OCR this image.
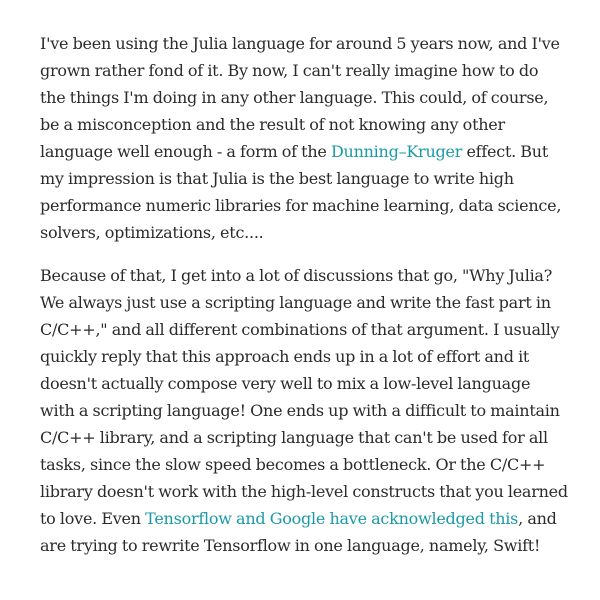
I've been using the Julia language for around 5 years now, and I've grown rather fond of it. By now, I can't really imagine how to do the things I'm doing in any other language. This could, of course, be a misconception and the result of not knowing any other language well enough - a form of the Dunning–Kruger effect. But my impression is that Julia is the best language to write high performance numeric libraries for machine learning, data science, solvers, optimizations, etc....

Because of that, I get into a lot of discussions that go, "Why Julia? We always just use a scripting language and write the fast part in C/C++," and all different combinations of that argument. I usually quickly reply that this approach ends up in a lot of effort and it doesn't actually compose very well to mix a low-level language with a scripting language! One ends up with a difficult to maintain C/C++ library, and a scripting language that can't be used for all tasks, since the slow speed becomes a bottleneck. Or the C/C++ library doesn't work with the high-level constructs that you learned to love. Even Tensorflow and Google have acknowledged this, and are trying to rewrite Tensorflow in one language, namely, Swift!
